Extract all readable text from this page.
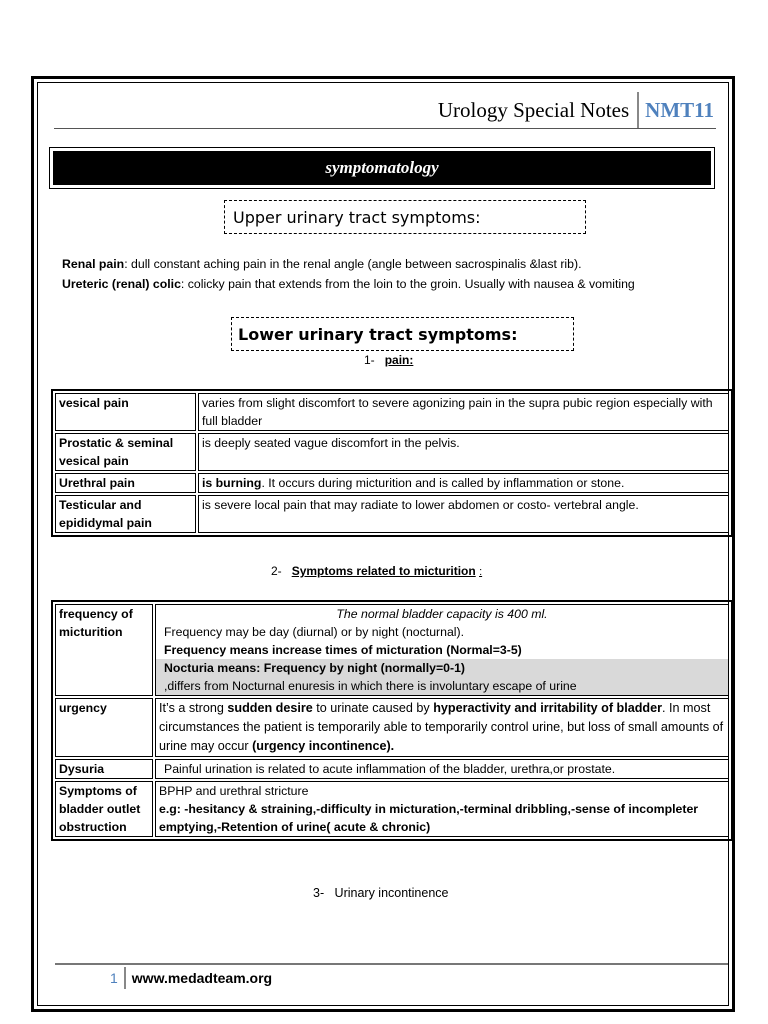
Urology Special Notes NMT11
symptomatology
Upper urinary tract symptoms:
Renal pain: dull constant aching pain in the renal angle (angle between sacrospinalis &last rib).
Ureteric (renal) colic: colicky pain that extends from the loin to the groin. Usually with nausea & vomiting
Lower urinary tract symptoms:
1- pain:
vesical pain	varies from slight discomfort to severe agonizing pain in the supra pubic region especially with full bladder
Prostatic & seminal vesical pain	is deeply seated vague discomfort in the pelvis.
Urethral pain	is burning. It occurs during micturition and is called by inflammation or stone.
Testicular and epididymal pain	is severe local pain that may radiate to lower abdomen or costo- vertebral angle.
2- Symptoms related to micturition :
frequency of micturition	The normal bladder capacity is 400 ml.
Frequency may be day (diurnal) or by night (nocturnal).
Frequency means increase times of micturation (Normal=3-5)
Nocturia means: Frequency by night (normally=0-1)
,differs from Nocturnal enuresis in which there is involuntary escape of urine

urgency	It’s a strong sudden desire to urinate caused by hyperactivity and irritability of bladder. In most circumstances the patient is temporarily able to temporarily control urine, but loss of small amounts of urine may occur (urgency incontinence).
Dysuria	Painful urination is related to acute inflammation of the bladder, urethra,or prostate.
Symptoms of bladder outlet obstruction	BPHP and urethral stricture
e.g: -hesitancy & straining,-difficulty in micturation,-terminal dribbling,-sense of incompleter emptying,-Retention of urine( acute & chronic)
3- Urinary incontinence
1 www.medadteam.org
